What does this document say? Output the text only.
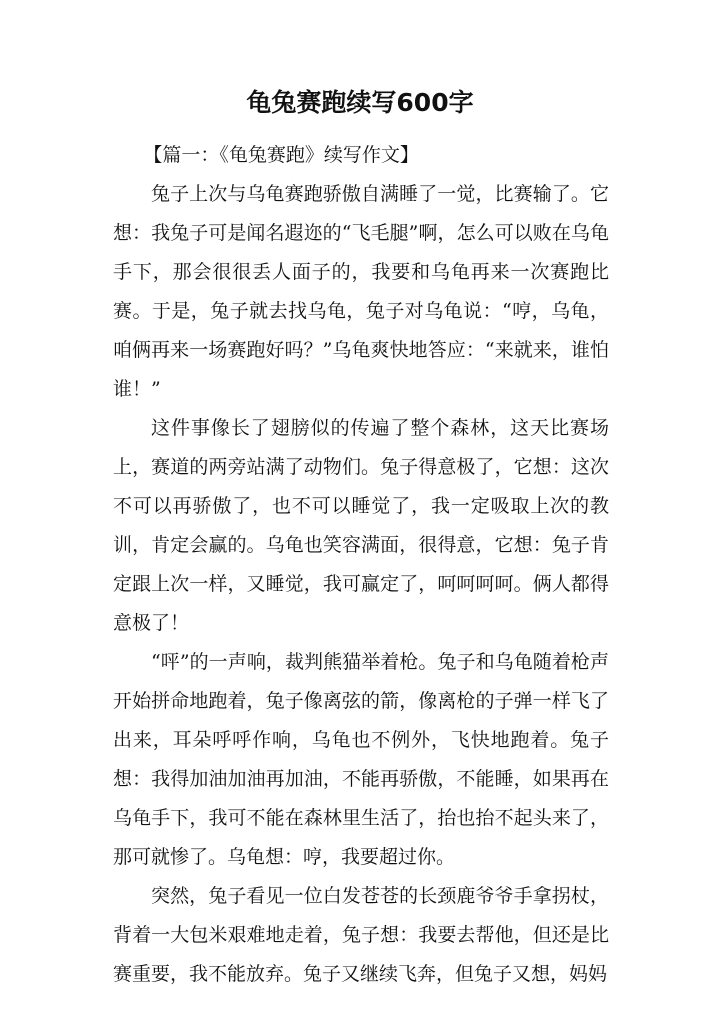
龟兔赛跑续写600字

【篇一：《龟兔赛跑》续写作文】

兔子上次与乌龟赛跑骄傲自满睡了一觉，比赛输了。它想：我兔子可是闻名遐迩的“飞毛腿”啊，怎么可以败在乌龟手下，那会很很丢人面子的，我要和乌龟再来一次赛跑比赛。于是，兔子就去找乌龟，兔子对乌龟说：“哼，乌龟，咱俩再来一场赛跑好吗？”乌龟爽快地答应：“来就来，谁怕谁！”

这件事像长了翅膀似的传遍了整个森林，这天比赛场上，赛道的两旁站满了动物们。兔子得意极了，它想：这次不可以再骄傲了，也不可以睡觉了，我一定吸取上次的教训，肯定会赢的。乌龟也笑容满面，很得意，它想：兔子肯定跟上次一样，又睡觉，我可赢定了，呵呵呵呵。俩人都得意极了！

“呯”的一声响，裁判熊猫举着枪。兔子和乌龟随着枪声开始拼命地跑着，兔子像离弦的箭，像离枪的子弹一样飞了出来，耳朵呼呼作响，乌龟也不例外，飞快地跑着。兔子想：我得加油加油再加油，不能再骄傲，不能睡，如果再在乌龟手下，我可不能在森林里生活了，抬也抬不起头来了，那可就惨了。乌龟想：哼，我要超过你。

突然，兔子看见一位白发苍苍的长颈鹿爷爷手拿拐杖，背着一大包米艰难地走着，兔子想：我要去帮他，但还是比赛重要，我不能放弃。兔子又继续飞奔，但兔子又想，妈妈
